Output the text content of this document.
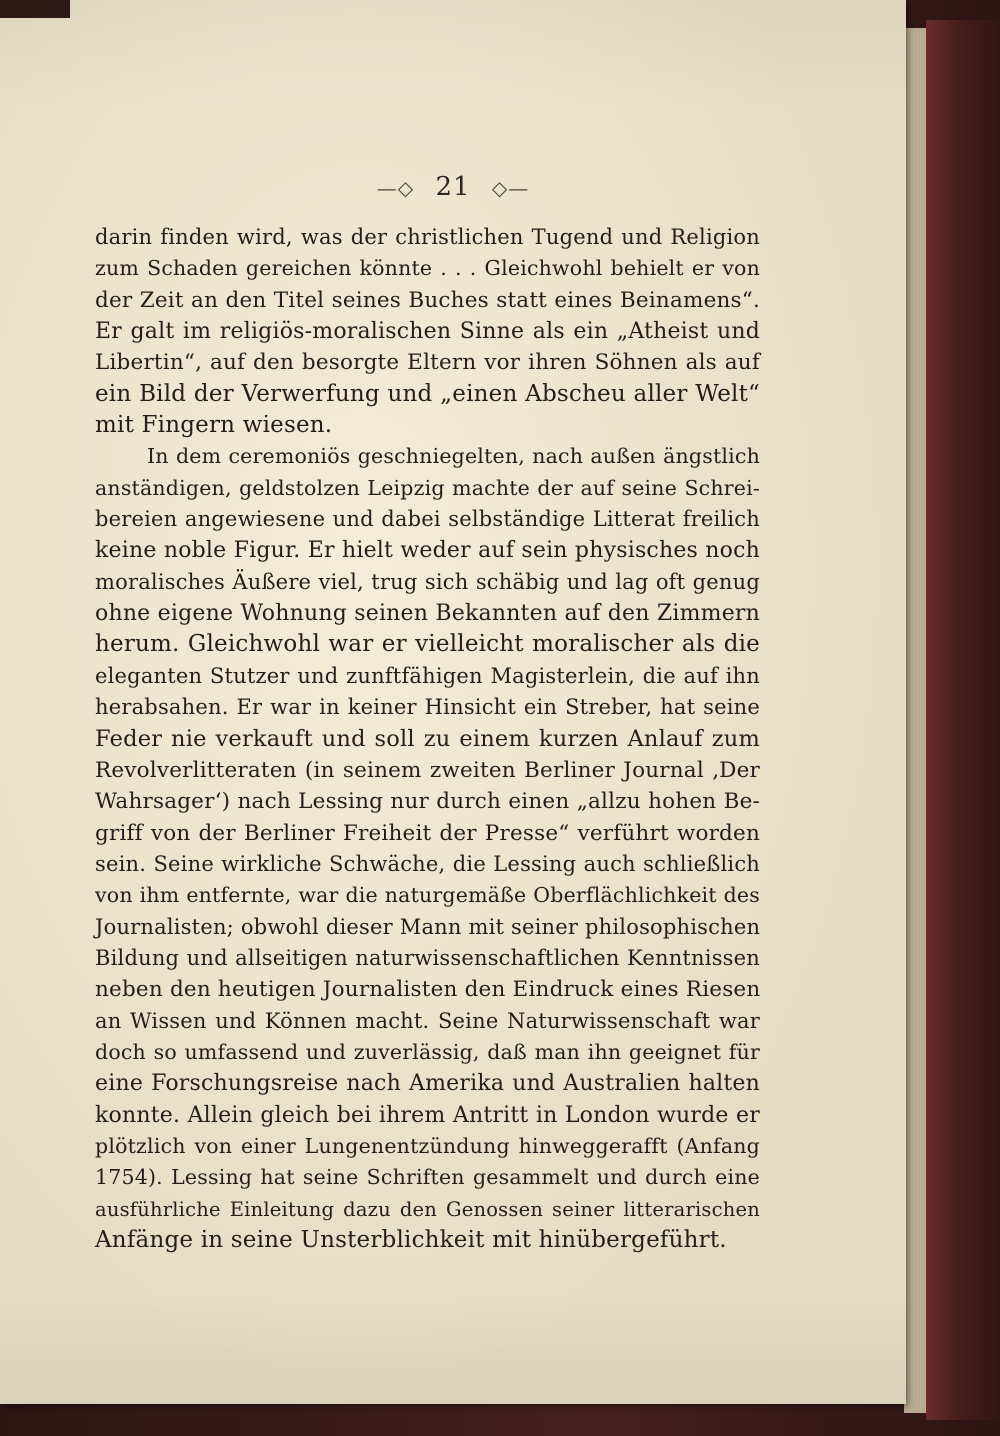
—◇ 21 ◇—
darin finden wird, was der christlichen Tugend und Religion
zum Schaden gereichen könnte . . . Gleichwohl behielt er von
der Zeit an den Titel seines Buches statt eines Beinamens“.
Er galt im religiös-moralischen Sinne als ein „Atheist und
Libertin“, auf den besorgte Eltern vor ihren Söhnen als auf
ein Bild der Verwerfung und „einen Abscheu aller Welt“
mit Fingern wiesen.
In dem ceremoniös geschniegelten, nach außen ängstlich
anständigen, geldstolzen Leipzig machte der auf seine Schrei-
bereien angewiesene und dabei selbständige Litterat freilich
keine noble Figur. Er hielt weder auf sein physisches noch
moralisches Äußere viel, trug sich schäbig und lag oft genug
ohne eigene Wohnung seinen Bekannten auf den Zimmern
herum. Gleichwohl war er vielleicht moralischer als die
eleganten Stutzer und zunftfähigen Magisterlein, die auf ihn
herabsahen. Er war in keiner Hinsicht ein Streber, hat seine
Feder nie verkauft und soll zu einem kurzen Anlauf zum
Revolverlitteraten (in seinem zweiten Berliner Journal ‚Der
Wahrsager‘) nach Lessing nur durch einen „allzu hohen Be-
griff von der Berliner Freiheit der Presse“ verführt worden
sein. Seine wirkliche Schwäche, die Lessing auch schließlich
von ihm entfernte, war die naturgemäße Oberflächlichkeit des
Journalisten; obwohl dieser Mann mit seiner philosophischen
Bildung und allseitigen naturwissenschaftlichen Kenntnissen
neben den heutigen Journalisten den Eindruck eines Riesen
an Wissen und Können macht. Seine Naturwissenschaft war
doch so umfassend und zuverlässig, daß man ihn geeignet für
eine Forschungsreise nach Amerika und Australien halten
konnte. Allein gleich bei ihrem Antritt in London wurde er
plötzlich von einer Lungenentzündung hinweggerafft (Anfang
1754). Lessing hat seine Schriften gesammelt und durch eine
ausführliche Einleitung dazu den Genossen seiner litterarischen
Anfänge in seine Unsterblichkeit mit hinübergeführt.
